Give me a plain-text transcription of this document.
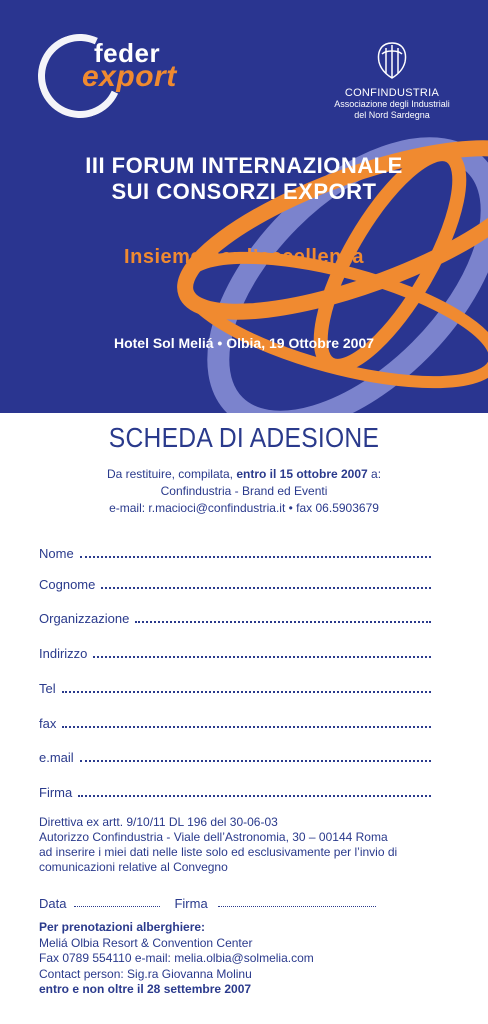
feder
export	CONFINDUSTRIA
Associazione degli Industriali
del Nord Sardegna
III FORUM INTERNAZIONALE
SUI CONSORZI EXPORT
Insieme per l’eccellenza
Hotel Sol Meliá • Olbia, 19 Ottobre 2007
SCHEDA DI ADESIONE
Da restituire, compilata, entro il 15 ottobre 2007 a:
Confindustria - Brand ed Eventi
e-mail: r.macioci@confindustria.it • fax 06.5903679
Nome
Cognome
Organizzazione
Indirizzo
Tel
fax
e.mail
Firma
Direttiva ex artt. 9/10/11 DL 196 del 30-06-03
Autorizzo Confindustria - Viale dell’Astronomia, 30 – 00144 Roma
ad inserire i miei dati nelle liste solo ed esclusivamente per l’invio di
comunicazioni relative al Convegno
Data	Firma
Per prenotazioni alberghiere:
Meliá Olbia Resort & Convention Center
Fax 0789 554110 e-mail: melia.olbia@solmelia.com
Contact person: Sig.ra Giovanna Molinu
entro e non oltre il 28 settembre 2007
